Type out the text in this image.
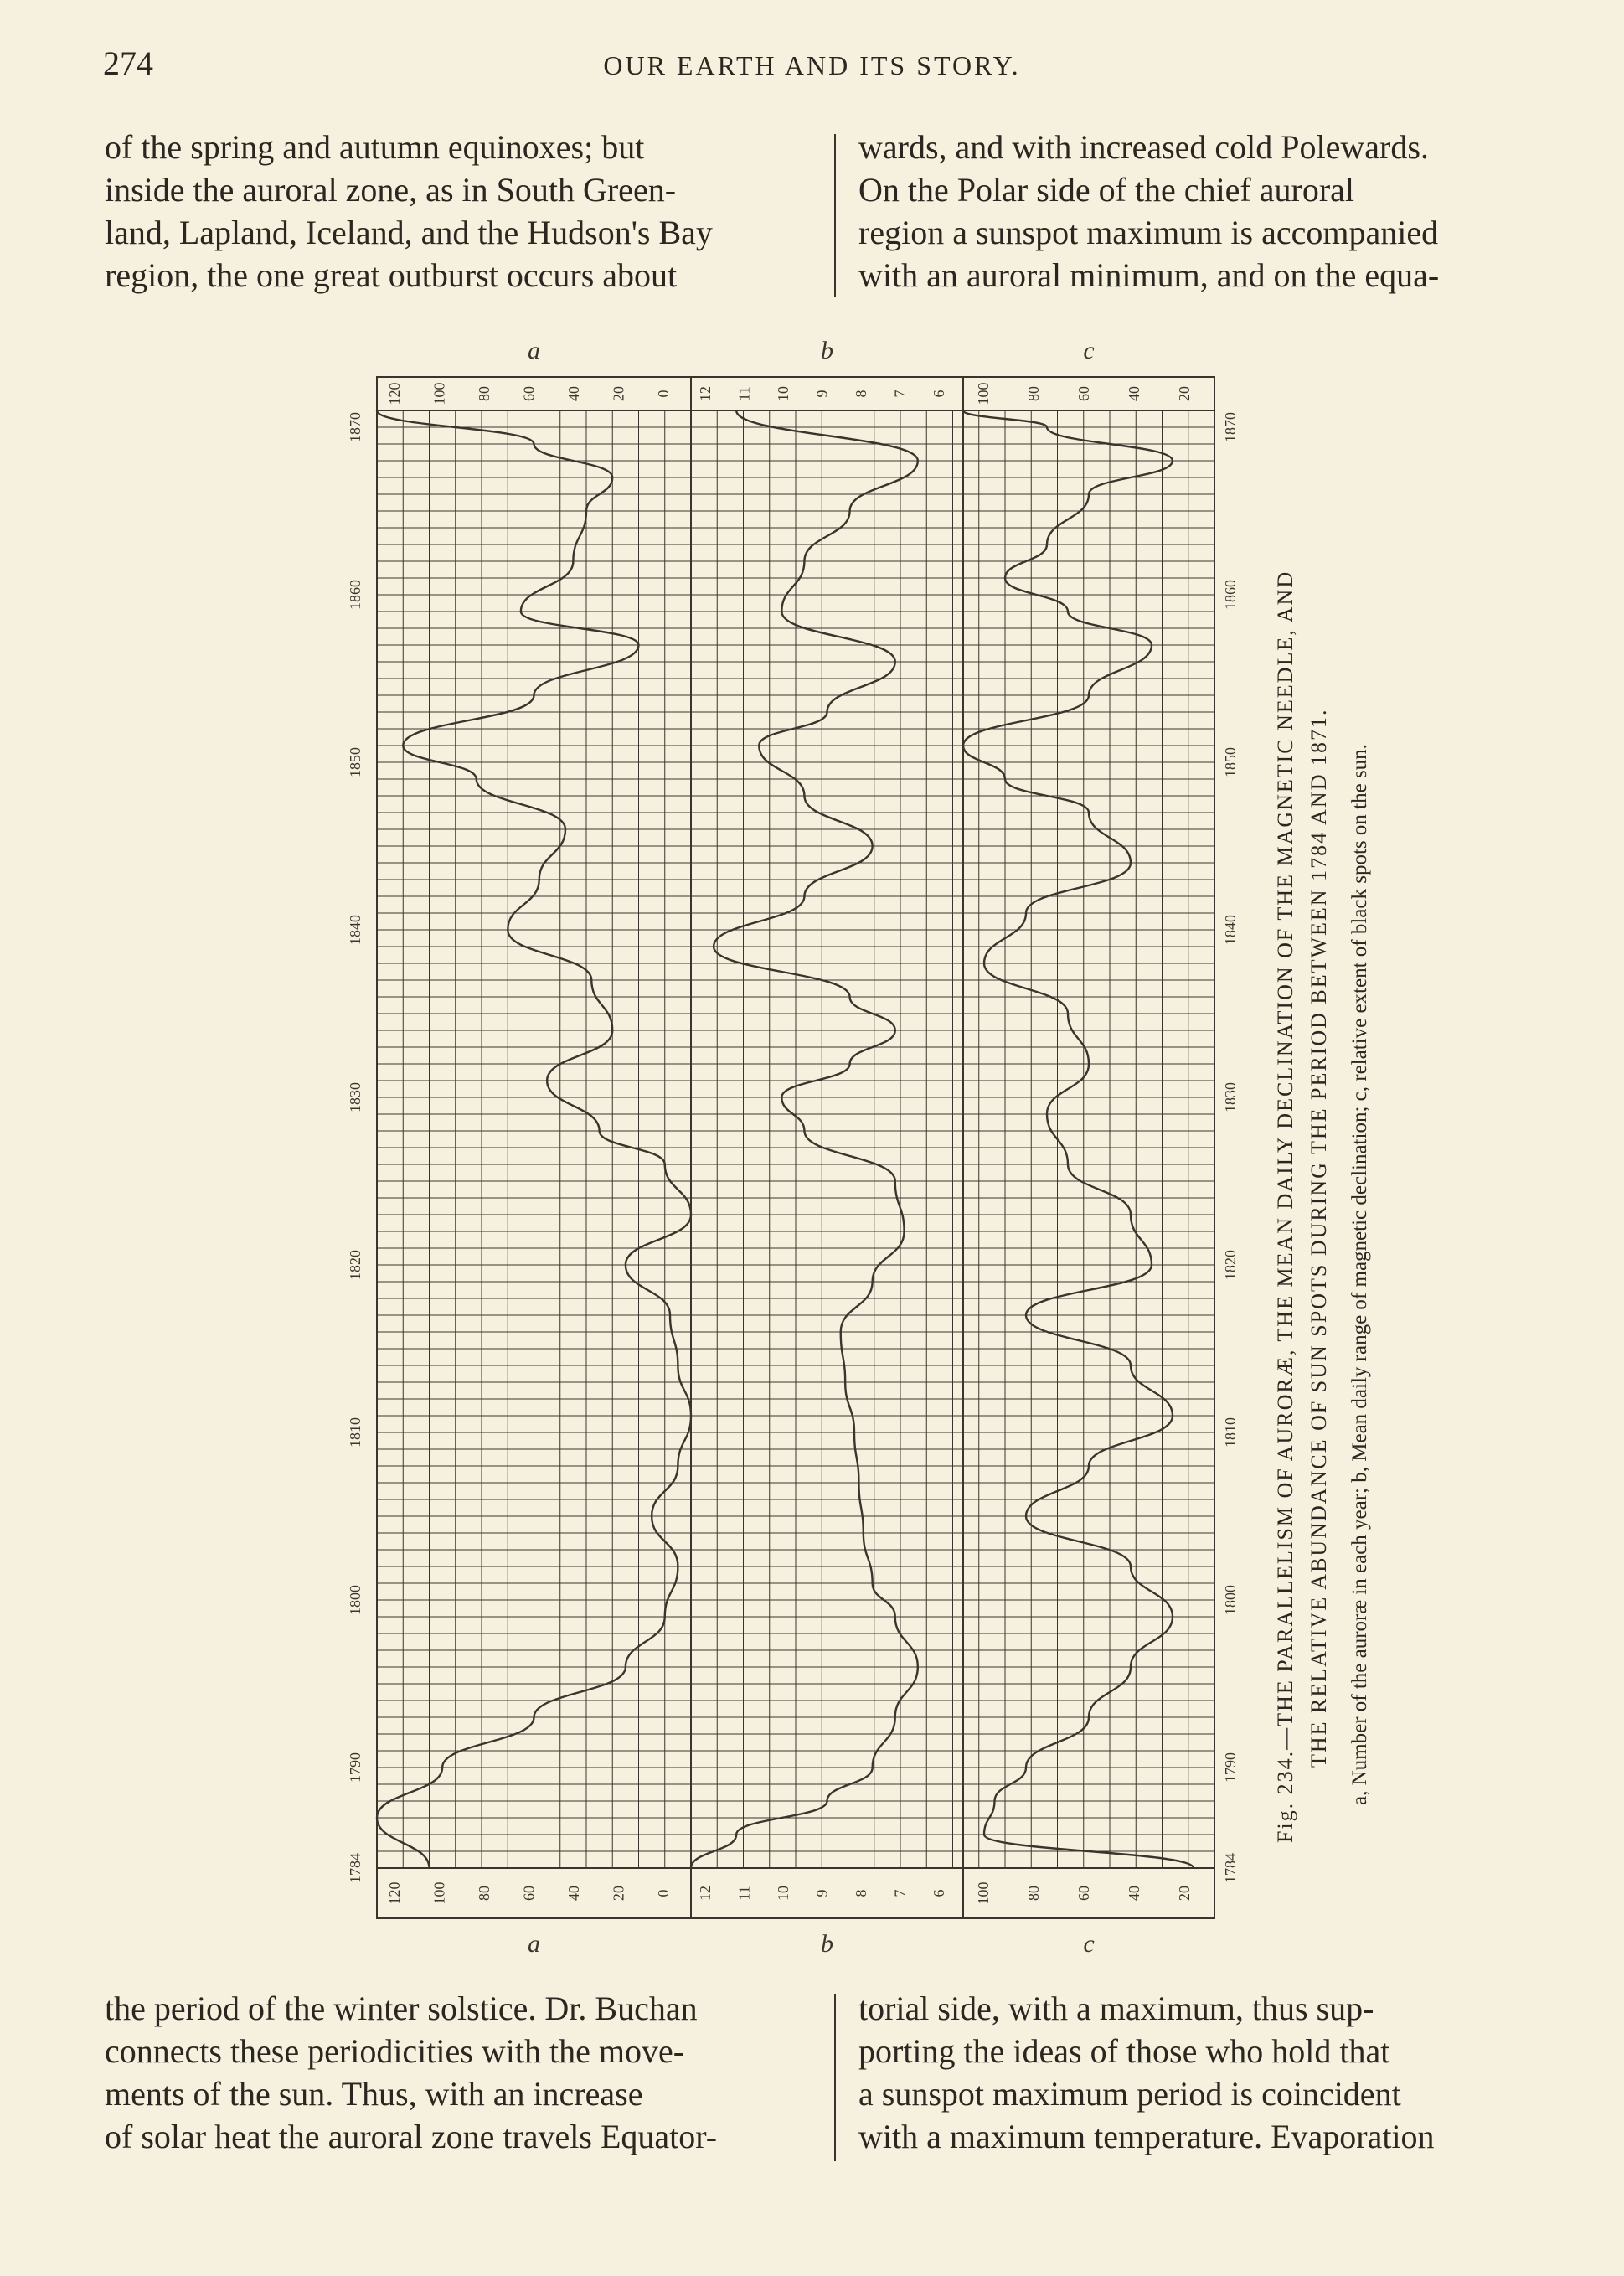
274	OUR EARTH AND ITS STORY.
of the spring and autumn equinoxes; but
inside the auroral zone, as in South Green-
land, Lapland, Iceland, and the Hudson's Bay
region, the one great outburst occurs about
wards, and with increased cold Polewards.
On the Polar side of the chief auroral
region a sunspot maximum is accompanied
with an auroral minimum, and on the equa-
a
a
b
b
c
c
120
120
100
100
80
80
60
60
40
40
20
20
0
0
12
12
11
11
10
10
9
9
8
8
7
7
6
6
100
100
80
80
60
60
40
40
20
20
1870	1870
1860	1860
1850	1850
1840	1840
1830	1830
1820	1820
1810	1810
1800	1800
1790	1790
1784	1784
Fig. 234.—THE PARALLELISM OF AURORÆ, THE MEAN DAILY DECLINATION OF THE MAGNETIC NEEDLE, AND THE RELATIVE ABUNDANCE OF SUN SPOTS DURING THE PERIOD BETWEEN 1784 AND 1871. a, Number of the auroræ in each year; b, Mean daily range of magnetic declination; c, relative extent of black spots on the sun.
the period of the winter solstice. Dr. Buchan
connects these periodicities with the move-
ments of the sun. Thus, with an increase
of solar heat the auroral zone travels Equator-
torial side, with a maximum, thus sup-
porting the ideas of those who hold that
a sunspot maximum period is coincident
with a maximum temperature. Evaporation
